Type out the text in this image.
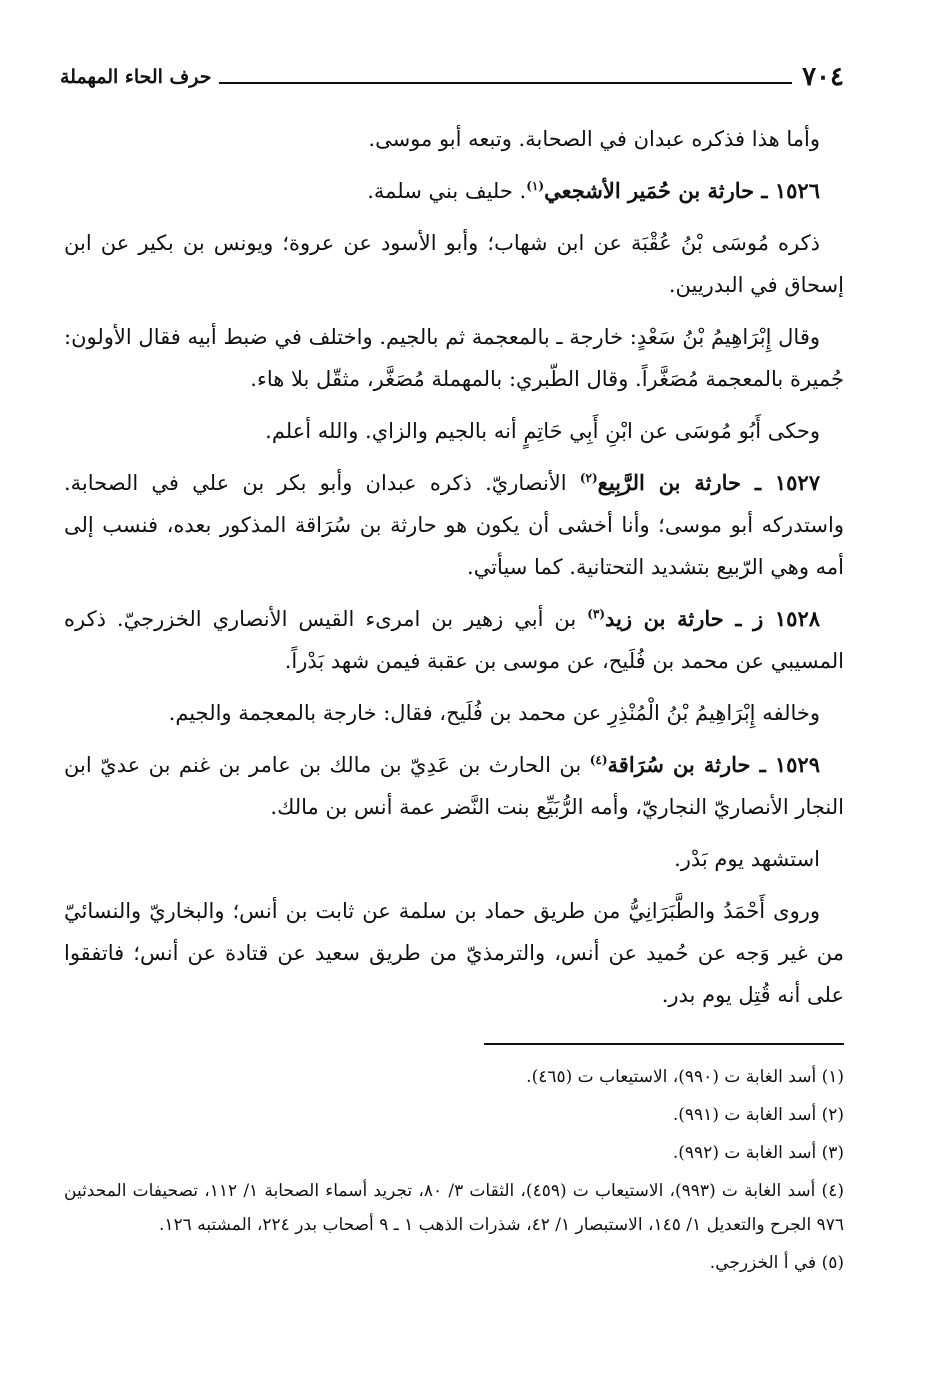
٧٠٤
حرف الحاء المهملة

وأما هذا فذكره عبدان في الصحابة. وتبعه أبو موسى.

١٥٢٦ ـ حارثة بن حُمَير الأشجعي$^{(١)}$. حليف بني سلمة.

ذكره مُوسَى بْنُ عُقْبَة عن ابن شهاب؛ وأبو الأسود عن عروة؛ ويونس بن بكير عن ابن إسحاق في البدريين.

وقال إِبْرَاهِيمُ بْنُ سَعْدٍ: خارجة ـ بالمعجمة ثم بالجيم. واختلف في ضبط أبيه فقال الأولون: جُميرة بالمعجمة مُصَغَّراً. وقال الطّبري: بالمهملة مُصَغَّر، مثقّل بلا هاء.

وحكى أَبُو مُوسَى عن ابْنِ أَبِي حَاتِمٍ أنه بالجيم والزاي. والله أعلم.

١٥٢٧ ـ حارثة بن الرَّبِيع$^{(٢)}$ الأنصاريّ. ذكره عبدان وأبو بكر بن علي في الصحابة. واستدركه أبو موسى؛ وأنا أخشى أن يكون هو حارثة بن سُرَاقة المذكور بعده، فنسب إلى أمه وهي الرّبيع بتشديد التحتانية. كما سيأتي.

١٥٢٨ ز ـ حارثة بن زيد$^{(٣)}$ بن أبي زهير بن امرىء القيس الأنصاري الخزرجيّ. ذكره المسيبي عن محمد بن فُلَيح، عن موسى بن عقبة فيمن شهد بَدْراً.

وخالفه إِبْرَاهِيمُ بْنُ الْمُنْذِرِ عن محمد بن فُلَيح، فقال: خارجة بالمعجمة والجيم.

١٥٢٩ ـ حارثة بن سُرَاقة$^{(٤)}$ بن الحارث بن عَدِيّ بن مالك بن عامر بن غنم بن عديّ ابن النجار الأنصاريّ النجاريّ، وأمه الرُّبَيِّع بنت النَّضر عمة أنس بن مالك.

استشهد يوم بَدْر.

وروى أَحْمَدُ والطَّبَرَانِيُّ من طريق حماد بن سلمة عن ثابت بن أنس؛ والبخاريّ والنسائيّ من غير وَجه عن حُميد عن أنس، والترمذيّ من طريق سعيد عن قتادة عن أنس؛ فاتفقوا على أنه قُتِل يوم بدر.

(١) أسد الغابة ت (٩٩٠)، الاستيعاب ت (٤٦٥).

(٢) أسد الغابة ت (٩٩١).

(٣) أسد الغابة ت (٩٩٢).

(٤) أسد الغابة ت (٩٩٣)، الاستيعاب ت (٤٥٩)، الثقات ٣/ ٨٠، تجريد أسماء الصحابة ١/ ١١٢، تصحيفات المحدثين ٩٧٦ الجرح والتعديل ١/ ١٤٥، الاستبصار ١/ ٤٢، شذرات الذهب ١ ـ ٩ أصحاب بدر ٢٢٤، المشتبه ١٢٦.

(٥) في أ الخزرجي.
